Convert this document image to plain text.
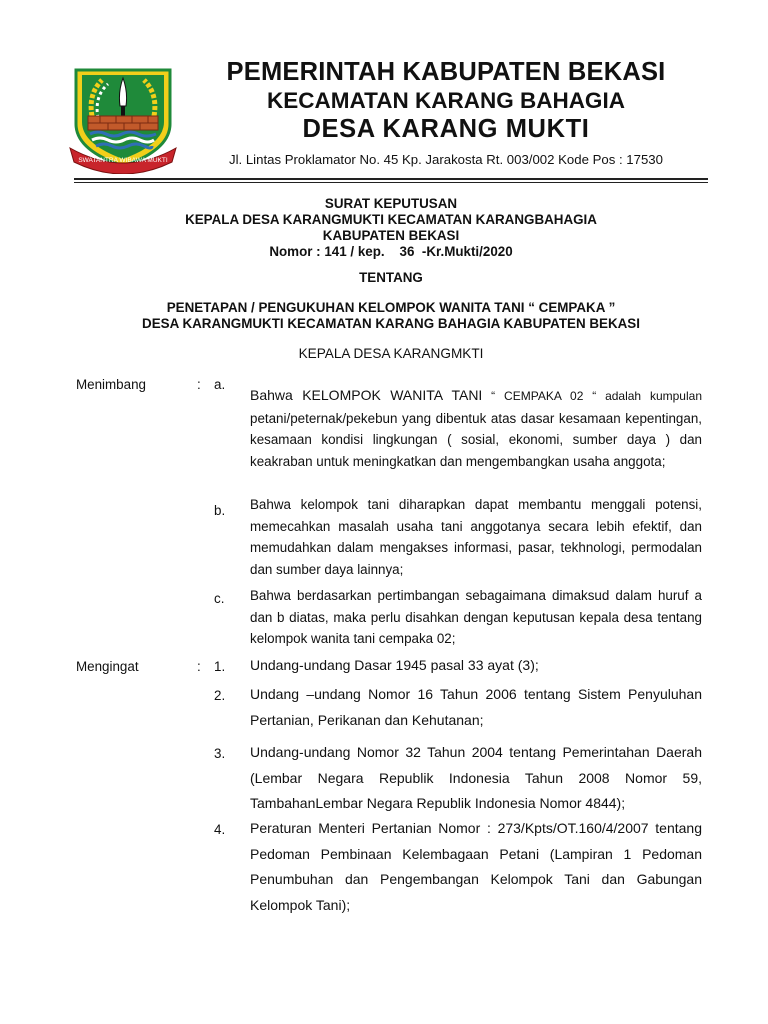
SWATANTRA WIBAWA MUKTI
PEMERINTAH KABUPATEN BEKASI
KECAMATAN KARANG BAHAGIA
DESA KARANG MUKTI
Jl. Lintas Proklamator No. 45 Kp. Jarakosta Rt. 003/002 Kode Pos : 17530
SURAT KEPUTUSAN
KEPALA DESA KARANGMUKTI KECAMATAN KARANGBAHAGIA
KABUPATEN BEKASI
Nomor : 141 / kep.    36  -Kr.Mukti/2020
TENTANG
PENETAPAN / PENGUKUHAN KELOMPOK WANITA TANI “ CEMPAKA ”
DESA KARANGMUKTI KECAMATAN KARANG BAHAGIA KABUPATEN BEKASI
KEPALA DESA KARANGMKTI
Menimbang	: a.

Bahwa KELOMPOK WANITA TANI “ CEMPAKA 02 “ adalah kumpulan petani/peternak/pekebun yang dibentuk atas dasar kesamaan kepentingan, kesamaan kondisi lingkungan ( sosial, ekonomi, sumber daya ) dan keakraban untuk meningkatkan dan mengembangkan usaha anggota;

b. Bahwa kelompok tani diharapkan dapat membantu menggali potensi, memecahkan masalah usaha tani anggotanya secara lebih efektif, dan memudahkan dalam mengakses informasi, pasar, tekhnologi, permodalan dan sumber daya lainnya;

c. Bahwa berdasarkan pertimbangan sebagaimana dimaksud dalam huruf a dan b diatas, maka perlu disahkan dengan keputusan kepala desa tentang kelompok wanita tani cempaka 02;

Mengingat	: 1. Undang-undang Dasar 1945 pasal 33 ayat (3);

2. Undang –undang Nomor 16 Tahun 2006 tentang Sistem Penyuluhan Pertanian, Perikanan dan Kehutanan;

3. Undang-undang Nomor 32 Tahun 2004 tentang Pemerintahan Daerah (Lembar Negara Republik Indonesia Tahun 2008 Nomor 59, TambahanLembar Negara Republik Indonesia Nomor 4844);

4. Peraturan Menteri Pertanian Nomor : 273/Kpts/OT.160/4/2007 tentang Pedoman Pembinaan Kelembagaan Petani (Lampiran 1 Pedoman Penumbuhan dan Pengembangan Kelompok Tani dan Gabungan Kelompok Tani);
